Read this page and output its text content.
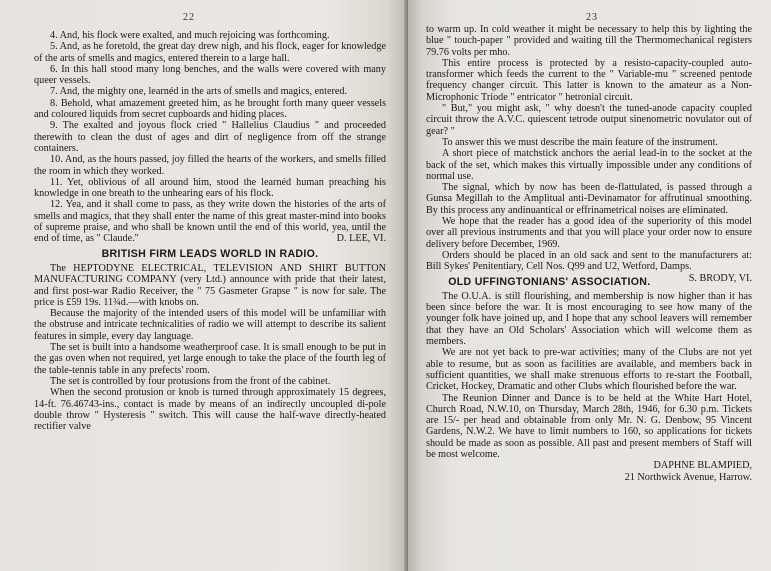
22

4. And, his flock were exalted, and much rejoicing was forthcoming.

5. And, as he foretold, the great day drew nigh, and his flock, eager for knowledge of the arts of smells and magics, entered therein to a large hall.

6. In this hall stood many long benches, and the walls were covered with many queer vessels.

7. And, the mighty one, learnéd in the arts of smells and magics, entered.

8. Behold, what amazement greeted him, as he brought forth many queer vessels and coloured liquids from secret cupboards and hiding places.

9. The exalted and joyous flock cried " Hallelius Claudius " and proceeded therewith to clean the dust of ages and dirt of negligence from off the strange containers.

10. And, as the hours passed, joy filled the hearts of the workers, and smells filled the room in which they worked.

11. Yet, oblivious of all around him, stood the learnéd human preaching his knowledge in one breath to the unhearing ears of his flock.

12. Yea, and it shall come to pass, as they write down the histories of the arts of smells and magics, that they shall enter the name of this great master-mind into books of supreme praise, and who shall be known until the end of this world, yea, until the end of time, as " Claude."	D. LEE, VI.

BRITISH FIRM LEADS WORLD IN RADIO.

The HEPTODYNE ELECTRICAL, TELEVISION AND SHIRT BUTTON MANUFACTURING COMPANY (very Ltd.) announce with pride that their latest, and first post-war Radio Receiver, the " 75 Gasmeter Grapse " is now for sale. The price is £59 19s. 11¾d.—with knobs on.

Because the majority of the intended users of this model will be unfamiliar with the obstruse and intricate technicalities of radio we will attempt to describe its salient features in simple, every day language.

The set is built into a handsome weatherproof case. It is small enough to be put in the gas oven when not required, yet large enough to take the place of the fourth leg of the table-tennis table in any prefects' room.

The set is controlled by four protusions from the front of the cabinet.

When the second protusion or knob is turned through approximately 15 degrees, 14-ft. 76.46743-ins., contact is made by means of an indirectly uncoupled di-pole double throw " Hysteresis " switch. This will cause the half-wave directly-heated rectifier valve

23

to warm up. In cold weather it might be necessary to help this by lighting the blue " touch-paper " provided and waiting till the Thermomechanical registers 79.76 volts per mho.

This entire process is protected by a resisto-capacity-coupled auto-transformer which feeds the current to the " Variable-mu " screened pentode frequency changer circuit. This latter is known to the amateur as a Non-Microphonic Triode " entricator " hetronial circuit.

" But," you might ask, " why doesn't the tuned-anode capacity coupled circuit throw the A.V.C. quiescent tetrode output sinenometric novulator out of gear? "

To answer this we must describe the main feature of the instrument.

A short piece of matchstick anchors the aerial lead-in to the socket at the back of the set, which makes this virtually impossible under any conditions of normal use.

The signal, which by now has been de-flattulated, is passed through a Gunsa Megillah to the Amplitual anti-Devinamator for affrutinual smoothing. By this process any andinuantical or effrinametrical noises are eliminated.

We hope that the reader has a good idea of the superiority of this model over all previous instruments and that you will place your order now to ensure delivery before December, 1969.

Orders should be placed in an old sack and sent to the manufacturers at: Bill Sykes' Penitentiary, Cell Nos. Q99 and U2, Wetford, Damps.
S. BRODY, VI.

OLD UFFINGTONIANS' ASSOCIATION.

The O.U.A. is still flourishing, and membership is now higher than it has been since before the war. It is most encouraging to see how many of the younger folk have joined up, and I hope that any school leavers will remember that they have an Old Scholars' Association which will welcome them as members.

We are not yet back to pre-war activities; many of the Clubs are not yet able to resume, but as soon as facilities are available, and members back in sufficient quantities, we shall make strenuous efforts to re-start the Football, Cricket, Hockey, Dramatic and other Clubs which flourished before the war.

The Reunion Dinner and Dance is to be held at the White Hart Hotel, Church Road, N.W.10, on Thursday, March 28th, 1946, for 6.30 p.m. Tickets are 15/- per head and obtainable from only Mr. N. G. Denbow, 95 Vincent Gardens, N.W.2. We have to limit numbers to 160, so applications for tickets should be made as soon as possible. All past and present members of Staff will be most welcome.

DAPHNE BLAMPIED,
21 Northwick Avenue, Harrow.
